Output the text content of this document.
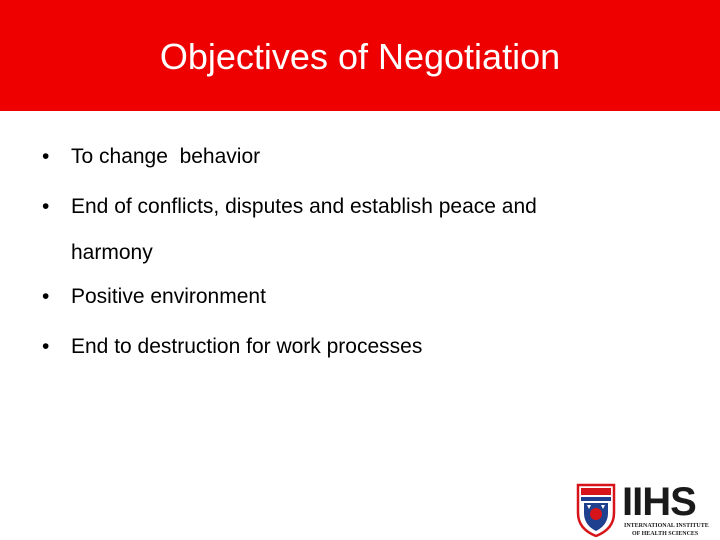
Objectives of Negotiation
• To change  behavior
• End of conflicts, disputes and establish peace and
harmony
• Positive environment
• End to destruction for work processes
IIHS
INTERNATIONAL INSTITUTE
OF HEALTH SCIENCES
